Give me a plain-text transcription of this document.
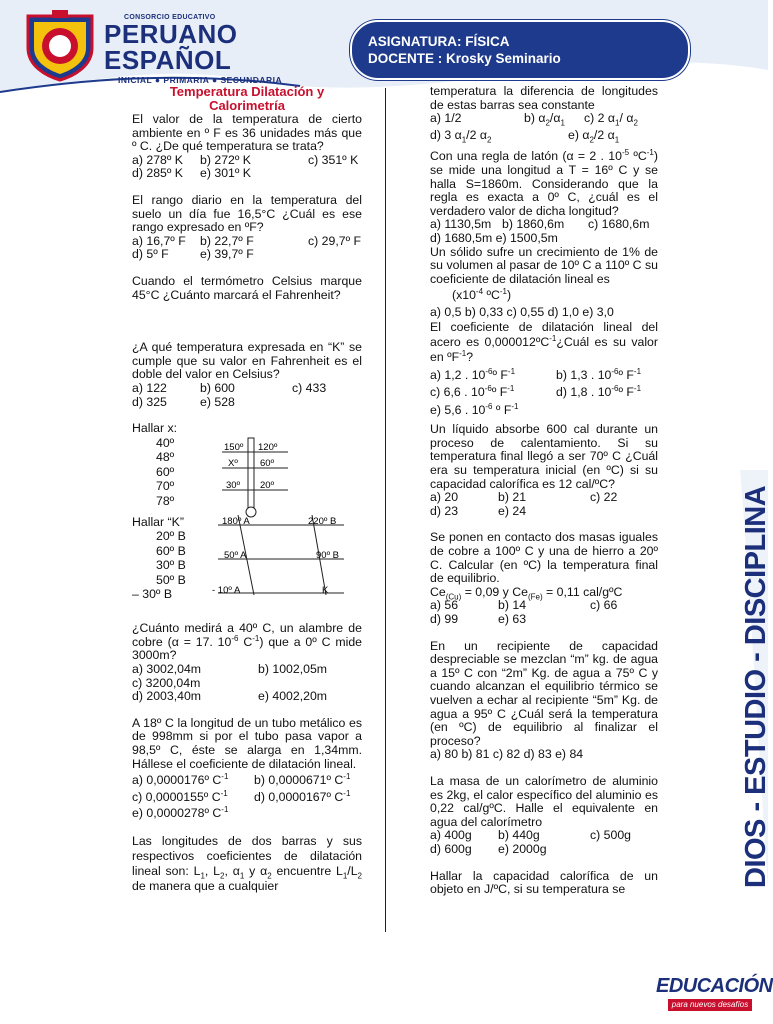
CONSORCIO EDUCATIVO
PERUANO ESPAÑOL
INICIAL ● PRIMARIA ● SECUNDARIA
ASIGNATURA: FÍSICA
DOCENTE : Krosky Seminario
DIOS - ESTUDIO - DISCIPLINA
EDUCACIÓN
para nuevos desafíos
Temperatura Dilatación y
Calorimetría
El valor de la temperatura de cierto ambiente en º F es 36 unidades más que º C. ¿De qué temperatura se trata?
a) 278º K	b) 272º K	c) 351º K
d) 285º K	e) 301º K
El rango diario en la temperatura del suelo un día fue 16,5°C ¿Cuál es ese rango expresado en ºF?
a) 16,7º F	b) 22,7º F	c) 29,7º F
d) 5º F	e) 39,7º F
Cuando el termómetro Celsius marque 45°C ¿Cuánto marcará el Fahrenheit?
¿A qué temperatura expresada en “K” se cumple que su valor en Fahrenheit es el doble del valor en Celsius?
a) 122	b) 600	c) 433
d) 325	e) 528
Hallar x:
40º
48º
60º
70º
78º
150º 120º
Xº 60º
30º 20º
Hallar “K”
20º B
60º B
30º B
50º B
– 30º B
180º A	220º B
50º A	90º B
- 10º A	K
¿Cuánto medirá a 40º C, un alambre de cobre (α = 17. $10^{-6}$ $C^{-1}$) que a 0º C mide 3000m?
a) 3002,04m	b) 1002,05m
c) 3200,04m
d) 2003,40m	e) 4002,20m
A 18º C la longitud de un tubo metálico es de 998mm si por el tubo pasa vapor a 98,5º C, éste se alarga en 1,34mm. Hállese el coeficiente de dilatación lineal.
a) 0,0000176º $C^{-1}$	b) 0,0000671º $C^{-1}$
c) 0,0000155º $C^{-1}$	d) 0,0000167º $C^{-1}$
e) 0,0000278º $C^{-1}$
Las longitudes de dos barras y sus respectivos coeficientes de dilatación lineal son: $L_1$, $L_2$, $\alpha_1$ y $\alpha_2$ encuentre $L_1/L_2$ de manera que a cualquier
temperatura la diferencia de longitudes de estas barras sea constante
a) 1/2	b) $\alpha_2/\alpha_1$	c) 2 $\alpha_1/$ $\alpha_2$
d) 3 $\alpha_1/2$ $\alpha_2$	e) $\alpha_2/2$ $\alpha_1$
Con una regla de latón (α = 2 . $10^{-5}$ ºC$^{-1}$) se mide una longitud a T = 16º C y se halla S=1860m. Considerando que la regla es exacta a 0º C, ¿cuál es el verdadero valor de dicha longitud?
a) 1130,5m b) 1860,6m	c) 1680,6m
d) 1680,5m e) 1500,5m
Un sólido sufre un crecimiento de 1% de su volumen al pasar de 10º C a 110º C su coeficiente de dilatación lineal es
($x10^{-4}$ ºC$^{-1}$)
a) 0,5 b) 0,33 c) 0,55 d) 1,0 e) 3,0
El coeficiente de dilatación lineal del acero es 0,000012ºC$^{-1}$¿Cuál es su valor en ºF$^{-1}$?
a) 1,2 . $10^{-6}º$ $F^{-1}$	b) 1,3 . $10^{-6}º$ $F^{-1}$
c) 6,6 . $10^{-6}º$ $F^{-1}$	d) 1,8 . $10^{-6}º$ $F^{-1}$
e) 5,6 . $10^{-6}$ º $F^{-1}$
Un líquido absorbe 600 cal durante un proceso de calentamiento. Si su temperatura final llegó a ser 70º C ¿Cuál era su temperatura inicial (en ºC) si su capacidad calorífica es 12 cal/ºC?
a) 20	b) 21	c) 22
d) 23	e) 24
Se ponen en contacto dos masas iguales de cobre a 100º C y una de hierro a 20º C. Calcular (en ºC) la temperatura final de equilibrio.
$Ce_{(Cu)} = 0,09$ y $Ce_{(Fe)} = 0,11$ cal/gºC
a) 56	b) 14	c) 66
d) 99	e) 63
En un recipiente de capacidad despreciable se mezclan “m” kg. de agua a 15º C con “2m” Kg. de agua a 75º C y cuando alcanzan el equilibrio térmico se vuelven a echar al recipiente “5m” Kg. de agua a 95º C ¿Cuál será la temperatura (en ºC) de equilibrio al finalizar el proceso?
a) 80 b) 81 c) 82 d) 83 e) 84
La masa de un calorímetro de aluminio es 2kg, el calor específico del aluminio es 0,22 cal/gºC. Halle el equivalente en agua del calorímetro
a) 400g	b) 440g	c) 500g
d) 600g	e) 2000g
Hallar la capacidad calorífica de un objeto en J/ºC, si su temperatura se
